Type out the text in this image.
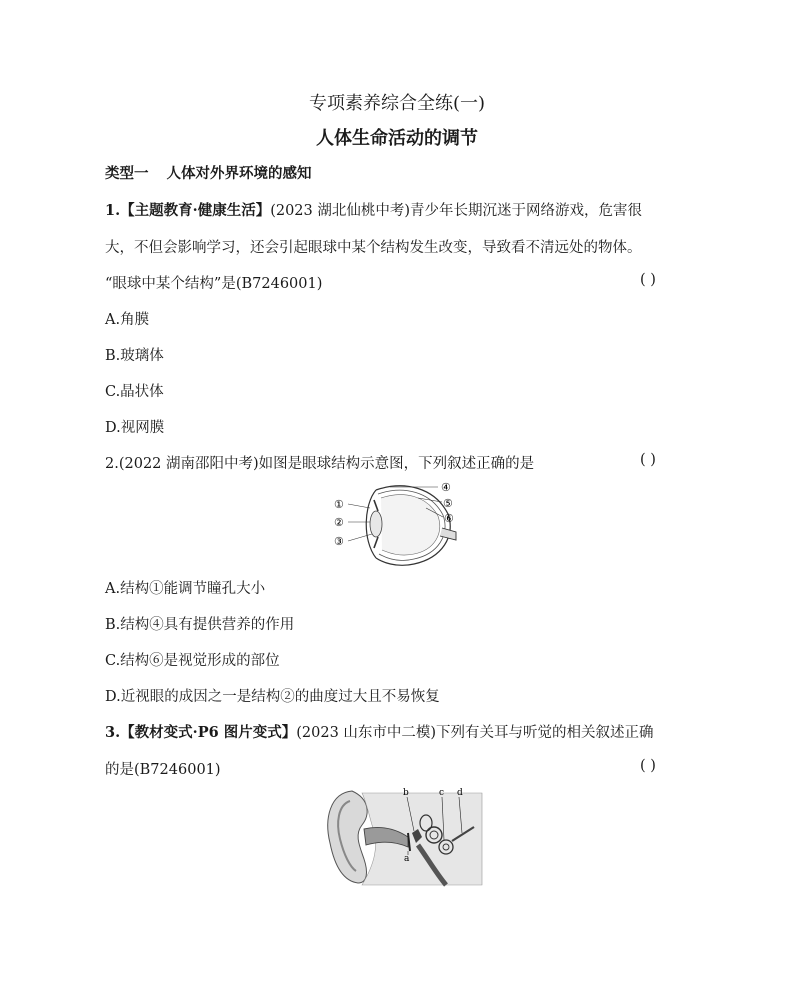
专项素养综合全练(一)
人体生命活动的调节
类型一 人体对外界环境的感知
1.【主题教育·健康生活】(2023 湖北仙桃中考)青少年长期沉迷于网络游戏，危害很
大，不但会影响学习，还会引起眼球中某个结构发生改变，导致看不清远处的物体。
“眼球中某个结构”是(B7246001)	( )
A.角膜
B.玻璃体
C.晶状体
D.视网膜
2.(2022 湖南邵阳中考)如图是眼球结构示意图，下列叙述正确的是	( )
①
②
③
④
⑤
⑥
A.结构①能调节瞳孔大小
B.结构④具有提供营养的作用
C.结构⑥是视觉形成的部位
D.近视眼的成因之一是结构②的曲度过大且不易恢复
3.【教材变式·P6 图片变式】(2023 山东市中二模)下列有关耳与听觉的相关叙述正确
的是(B7246001)	( )
b	c d
a
